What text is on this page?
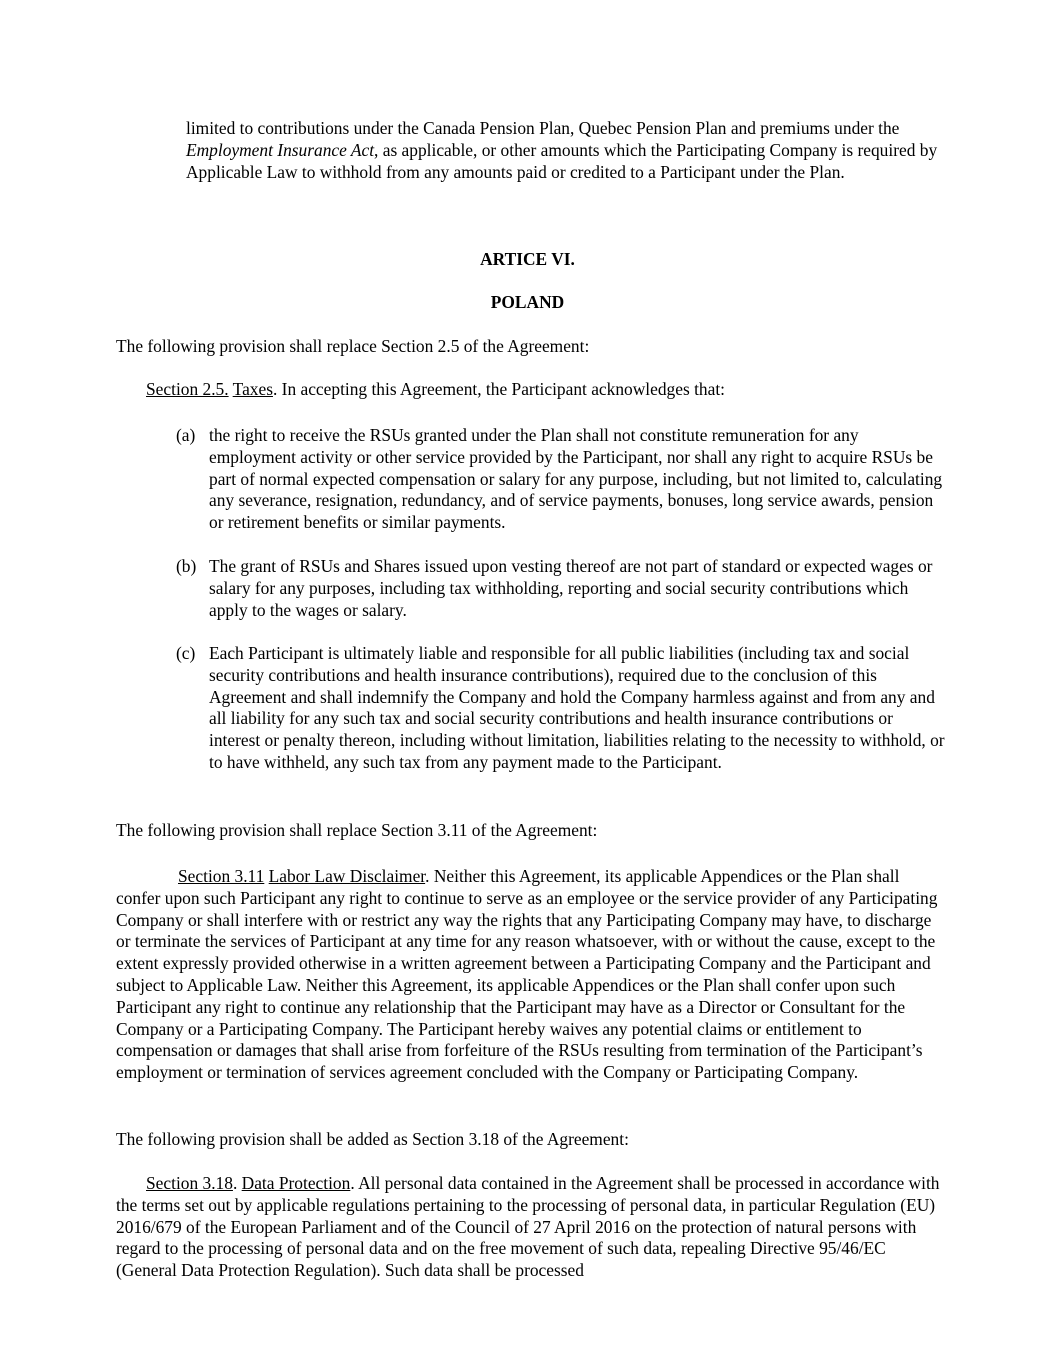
limited to contributions under the Canada Pension Plan, Quebec Pension Plan and premiums under the Employment Insurance Act, as applicable, or other amounts which the Participating Company is required by Applicable Law to withhold from any amounts paid or credited to a Participant under the Plan.

ARTICE VI.

POLAND

The following provision shall replace Section 2.5 of the Agreement:

Section 2.5. Taxes. In accepting this Agreement, the Participant acknowledges that:

(a) the right to receive the RSUs granted under the Plan shall not constitute remuneration for any employment activity or other service provided by the Participant, nor shall any right to acquire RSUs be part of normal expected compensation or salary for any purpose, including, but not limited to, calculating any severance, resignation, redundancy, and of service payments, bonuses, long service awards, pension or retirement benefits or similar payments.
(b) The grant of RSUs and Shares issued upon vesting thereof are not part of standard or expected wages or salary for any purposes, including tax withholding, reporting and social security contributions which apply to the wages or salary.
(c) Each Participant is ultimately liable and responsible for all public liabilities (including tax and social security contributions and health insurance contributions), required due to the conclusion of this Agreement and shall indemnify the Company and hold the Company harmless against and from any and all liability for any such tax and social security contributions and health insurance contributions or interest or penalty thereon, including without limitation, liabilities relating to the necessity to withhold, or to have withheld, any such tax from any payment made to the Participant.

The following provision shall replace Section 3.11 of the Agreement:

Section 3.11 Labor Law Disclaimer. Neither this Agreement, its applicable Appendices or the Plan shall confer upon such Participant any right to continue to serve as an employee or the service provider of any Participating Company or shall interfere with or restrict any way the rights that any Participating Company may have, to discharge or terminate the services of Participant at any time for any reason whatsoever, with or without the cause, except to the extent expressly provided otherwise in a written agreement between a Participating Company and the Participant and subject to Applicable Law. Neither this Agreement, its applicable Appendices or the Plan shall confer upon such Participant any right to continue any relationship that the Participant may have as a Director or Consultant for the Company or a Participating Company. The Participant hereby waives any potential claims or entitlement to compensation or damages that shall arise from forfeiture of the RSUs resulting from termination of the Participant’s employment or termination of services agreement concluded with the Company or Participating Company.

The following provision shall be added as Section 3.18 of the Agreement:

Section 3.18. Data Protection. All personal data contained in the Agreement shall be processed in accordance with the terms set out by applicable regulations pertaining to the processing of personal data, in particular Regulation (EU) 2016/679 of the European Parliament and of the Council of 27 April 2016 on the protection of natural persons with regard to the processing of personal data and on the free movement of such data, repealing Directive 95/46/EC (General Data Protection Regulation). Such data shall be processed
